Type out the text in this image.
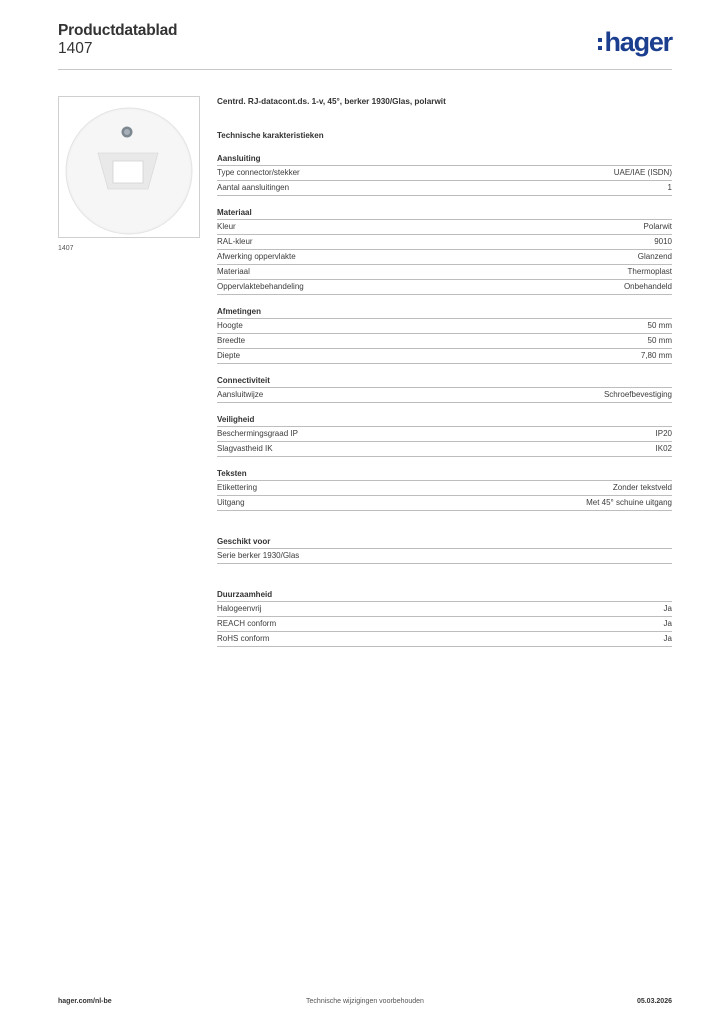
Productdatablad
1407	hager
1407
Centrd. RJ-datacont.ds. 1-v, 45°, berker 1930/Glas, polarwit
Technische karakteristieken
Aansluiting
Type connector/stekker	UAE/IAE (ISDN)
Aantal aansluitingen	1
Materiaal
Kleur	Polarwit
RAL-kleur	9010
Afwerking oppervlakte	Glanzend
Materiaal	Thermoplast
Oppervlaktebehandeling	Onbehandeld
Afmetingen
Hoogte	50 mm
Breedte	50 mm
Diepte	7,80 mm
Connectiviteit
Aansluitwijze	Schroefbevestiging
Veiligheid
Beschermingsgraad IP	IP20
Slagvastheid IK	IK02
Teksten
Etikettering	Zonder tekstveld
Uitgang	Met 45° schuine uitgang
Geschikt voor
Serie berker 1930/Glas
Duurzaamheid
Halogeenvrij	Ja
REACH conform	Ja
RoHS conform	Ja
hager.com/nl-be	Technische wijzigingen voorbehouden	05.03.2026
